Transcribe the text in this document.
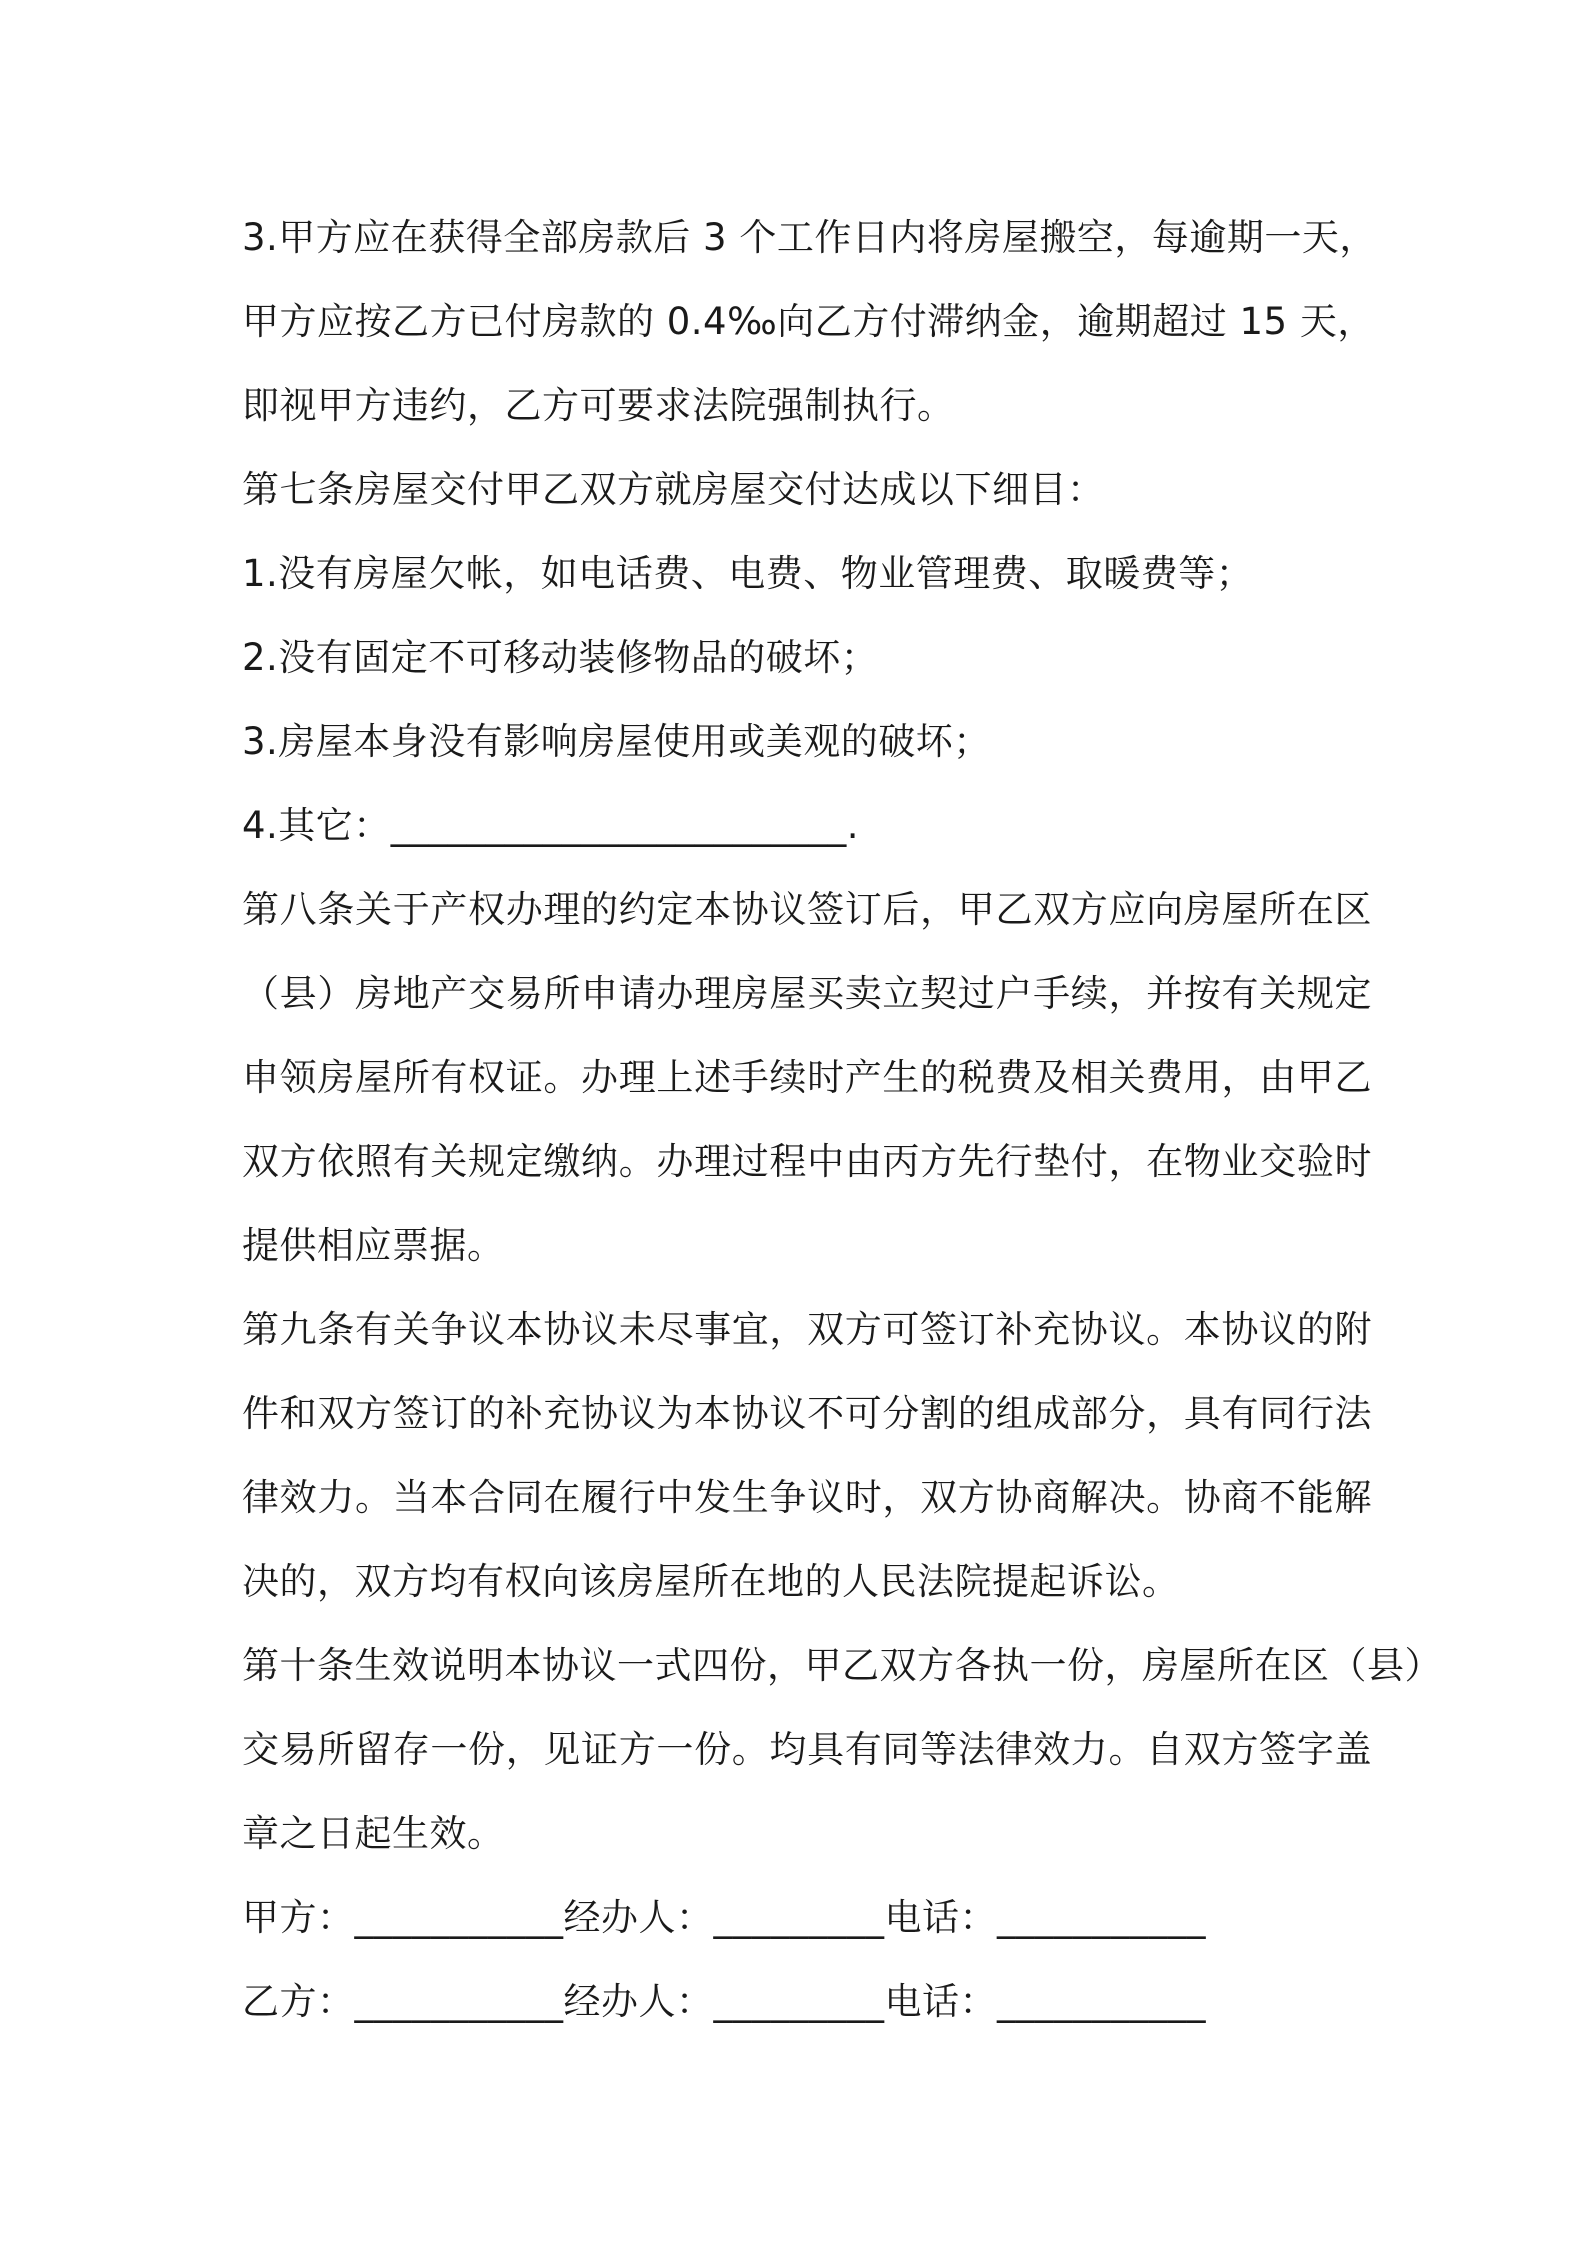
3.甲方应在获得全部房款后 3 个工作日内将房屋搬空，每逾期一天，
甲方应按乙方已付房款的 0.4‰向乙方付滞纳金，逾期超过 15 天，
即视甲方违约，乙方可要求法院强制执行。
第七条房屋交付甲乙双方就房屋交付达成以下细目：
1.没有房屋欠帐，如电话费、电费、物业管理费、取暖费等；
2.没有固定不可移动装修物品的破坏；
3.房屋本身没有影响房屋使用或美观的破坏；
4.其它：________________________.
第八条关于产权办理的约定本协议签订后，甲乙双方应向房屋所在区
（县）房地产交易所申请办理房屋买卖立契过户手续，并按有关规定
申领房屋所有权证。办理上述手续时产生的税费及相关费用，由甲乙
双方依照有关规定缴纳。办理过程中由丙方先行垫付，在物业交验时
提供相应票据。
第九条有关争议本协议未尽事宜，双方可签订补充协议。本协议的附
件和双方签订的补充协议为本协议不可分割的组成部分，具有同行法
律效力。当本合同在履行中发生争议时，双方协商解决。协商不能解
决的，双方均有权向该房屋所在地的人民法院提起诉讼。
第十条生效说明本协议一式四份，甲乙双方各执一份，房屋所在区（县）
交易所留存一份，见证方一份。均具有同等法律效力。自双方签字盖
章之日起生效。
甲方：___________经办人：_________电话：___________
乙方：___________经办人：_________电话：___________
